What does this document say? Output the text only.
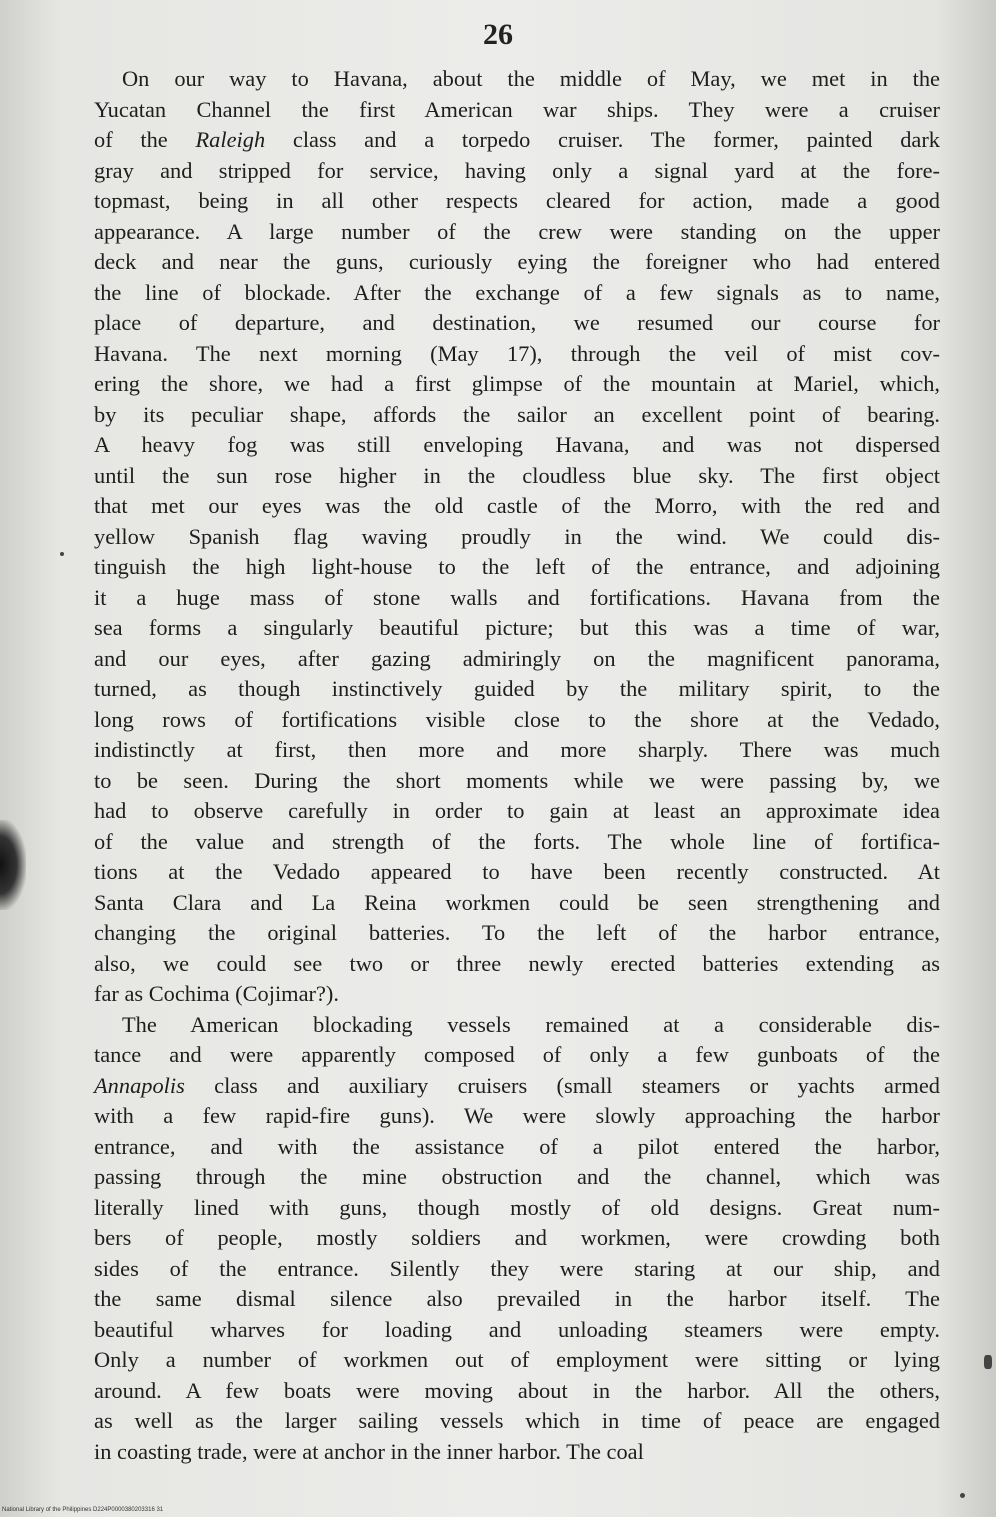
26
On our way to Havana, about the middle of May, we met in the
Yucatan Channel the first American war ships. They were a cruiser
of the Raleigh class and a torpedo cruiser. The former, painted dark
gray and stripped for service, having only a signal yard at the fore-
topmast, being in all other respects cleared for action, made a good
appearance. A large number of the crew were standing on the upper
deck and near the guns, curiously eying the foreigner who had entered
the line of blockade. After the exchange of a few signals as to name,
place of departure, and destination, we resumed our course for
Havana. The next morning (May 17), through the veil of mist cov-
ering the shore, we had a first glimpse of the mountain at Mariel, which,
by its peculiar shape, affords the sailor an excellent point of bearing.
A heavy fog was still enveloping Havana, and was not dispersed
until the sun rose higher in the cloudless blue sky. The first object
that met our eyes was the old castle of the Morro, with the red and
yellow Spanish flag waving proudly in the wind. We could dis-
tinguish the high light-house to the left of the entrance, and adjoining
it a huge mass of stone walls and fortifications. Havana from the
sea forms a singularly beautiful picture; but this was a time of war,
and our eyes, after gazing admiringly on the magnificent panorama,
turned, as though instinctively guided by the military spirit, to the
long rows of fortifications visible close to the shore at the Vedado,
indistinctly at first, then more and more sharply. There was much
to be seen. During the short moments while we were passing by, we
had to observe carefully in order to gain at least an approximate idea
of the value and strength of the forts. The whole line of fortifica-
tions at the Vedado appeared to have been recently constructed. At
Santa Clara and La Reina workmen could be seen strengthening and
changing the original batteries. To the left of the harbor entrance,
also, we could see two or three newly erected batteries extending as
far as Cochima (Cojimar?).
The American blockading vessels remained at a considerable dis-
tance and were apparently composed of only a few gunboats of the
Annapolis class and auxiliary cruisers (small steamers or yachts armed
with a few rapid-fire guns). We were slowly approaching the harbor
entrance, and with the assistance of a pilot entered the harbor,
passing through the mine obstruction and the channel, which was
literally lined with guns, though mostly of old designs. Great num-
bers of people, mostly soldiers and workmen, were crowding both
sides of the entrance. Silently they were staring at our ship, and
the same dismal silence also prevailed in the harbor itself. The
beautiful wharves for loading and unloading steamers were empty.
Only a number of workmen out of employment were sitting or lying
around. A few boats were moving about in the harbor. All the others,
as well as the larger sailing vessels which in time of peace are engaged
in coasting trade, were at anchor in the inner harbor. The coal
National Library of the Philippines D224P0000380203316 31
